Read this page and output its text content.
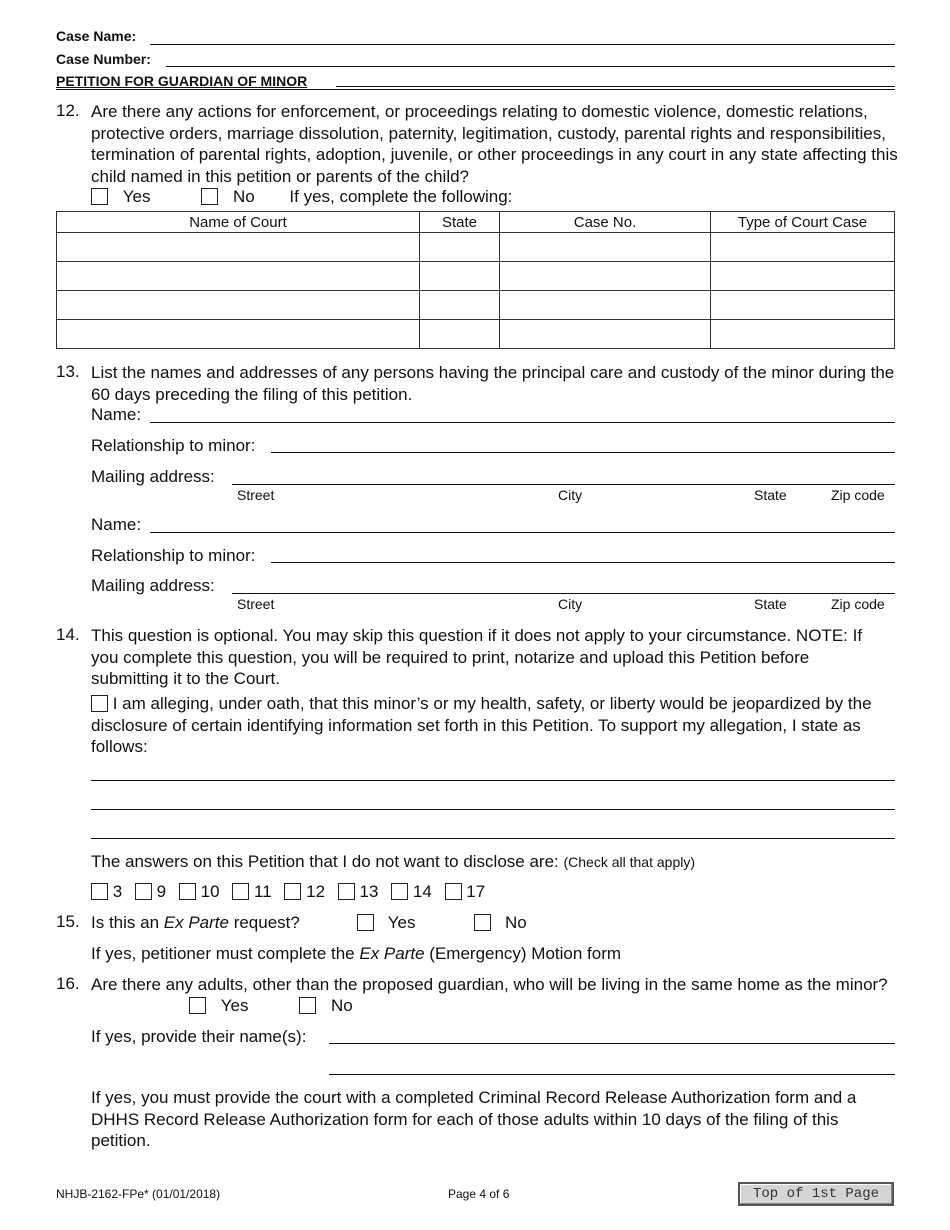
Case Name:
Case Number:
PETITION FOR GUARDIAN OF MINOR
12. Are there any actions for enforcement, or proceedings relating to domestic violence, domestic relations, protective orders, marriage dissolution, paternity, legitimation, custody, parental rights and responsibilities, termination of parental rights, adoption, juvenile, or other proceedings in any court in any state affecting this child named in this petition or parents of the child?
Yes	No If yes, complete the following:
Name of Court	State	Case No.	Type of Court Case

13. List the names and addresses of any persons having the principal care and custody of the minor during the 60 days preceding the filing of this petition.
Name:
Relationship to minor:
Mailing address:
Street	City	State	Zip code
Name:
Relationship to minor:
Mailing address:
Street	City	State	Zip code
14. This question is optional. You may skip this question if it does not apply to your circumstance. NOTE: If you complete this question, you will be required to print, notarize and upload this Petition before submitting it to the Court.
I am alleging, under oath, that this minor’s or my health, safety, or liberty would be jeopardized by the disclosure of certain identifying information set forth in this Petition. To support my allegation, I state as follows:
The answers on this Petition that I do not want to disclose are: (Check all that apply)
3 9 10 11 12 13 14 17
15. Is this an Ex Parte request?	Yes	No
If yes, petitioner must complete the Ex Parte (Emergency) Motion form
16. Are there any adults, other than the proposed guardian, who will be living in the same home as the minor?
Yes	No
If yes, provide their name(s):
If yes, you must provide the court with a completed Criminal Record Release Authorization form and a DHHS Record Release Authorization form for each of those adults within 10 days of the filing of this petition.
NHJB-2162-FPe* (01/01/2018)	Page 4 of 6	Top of 1st Page
